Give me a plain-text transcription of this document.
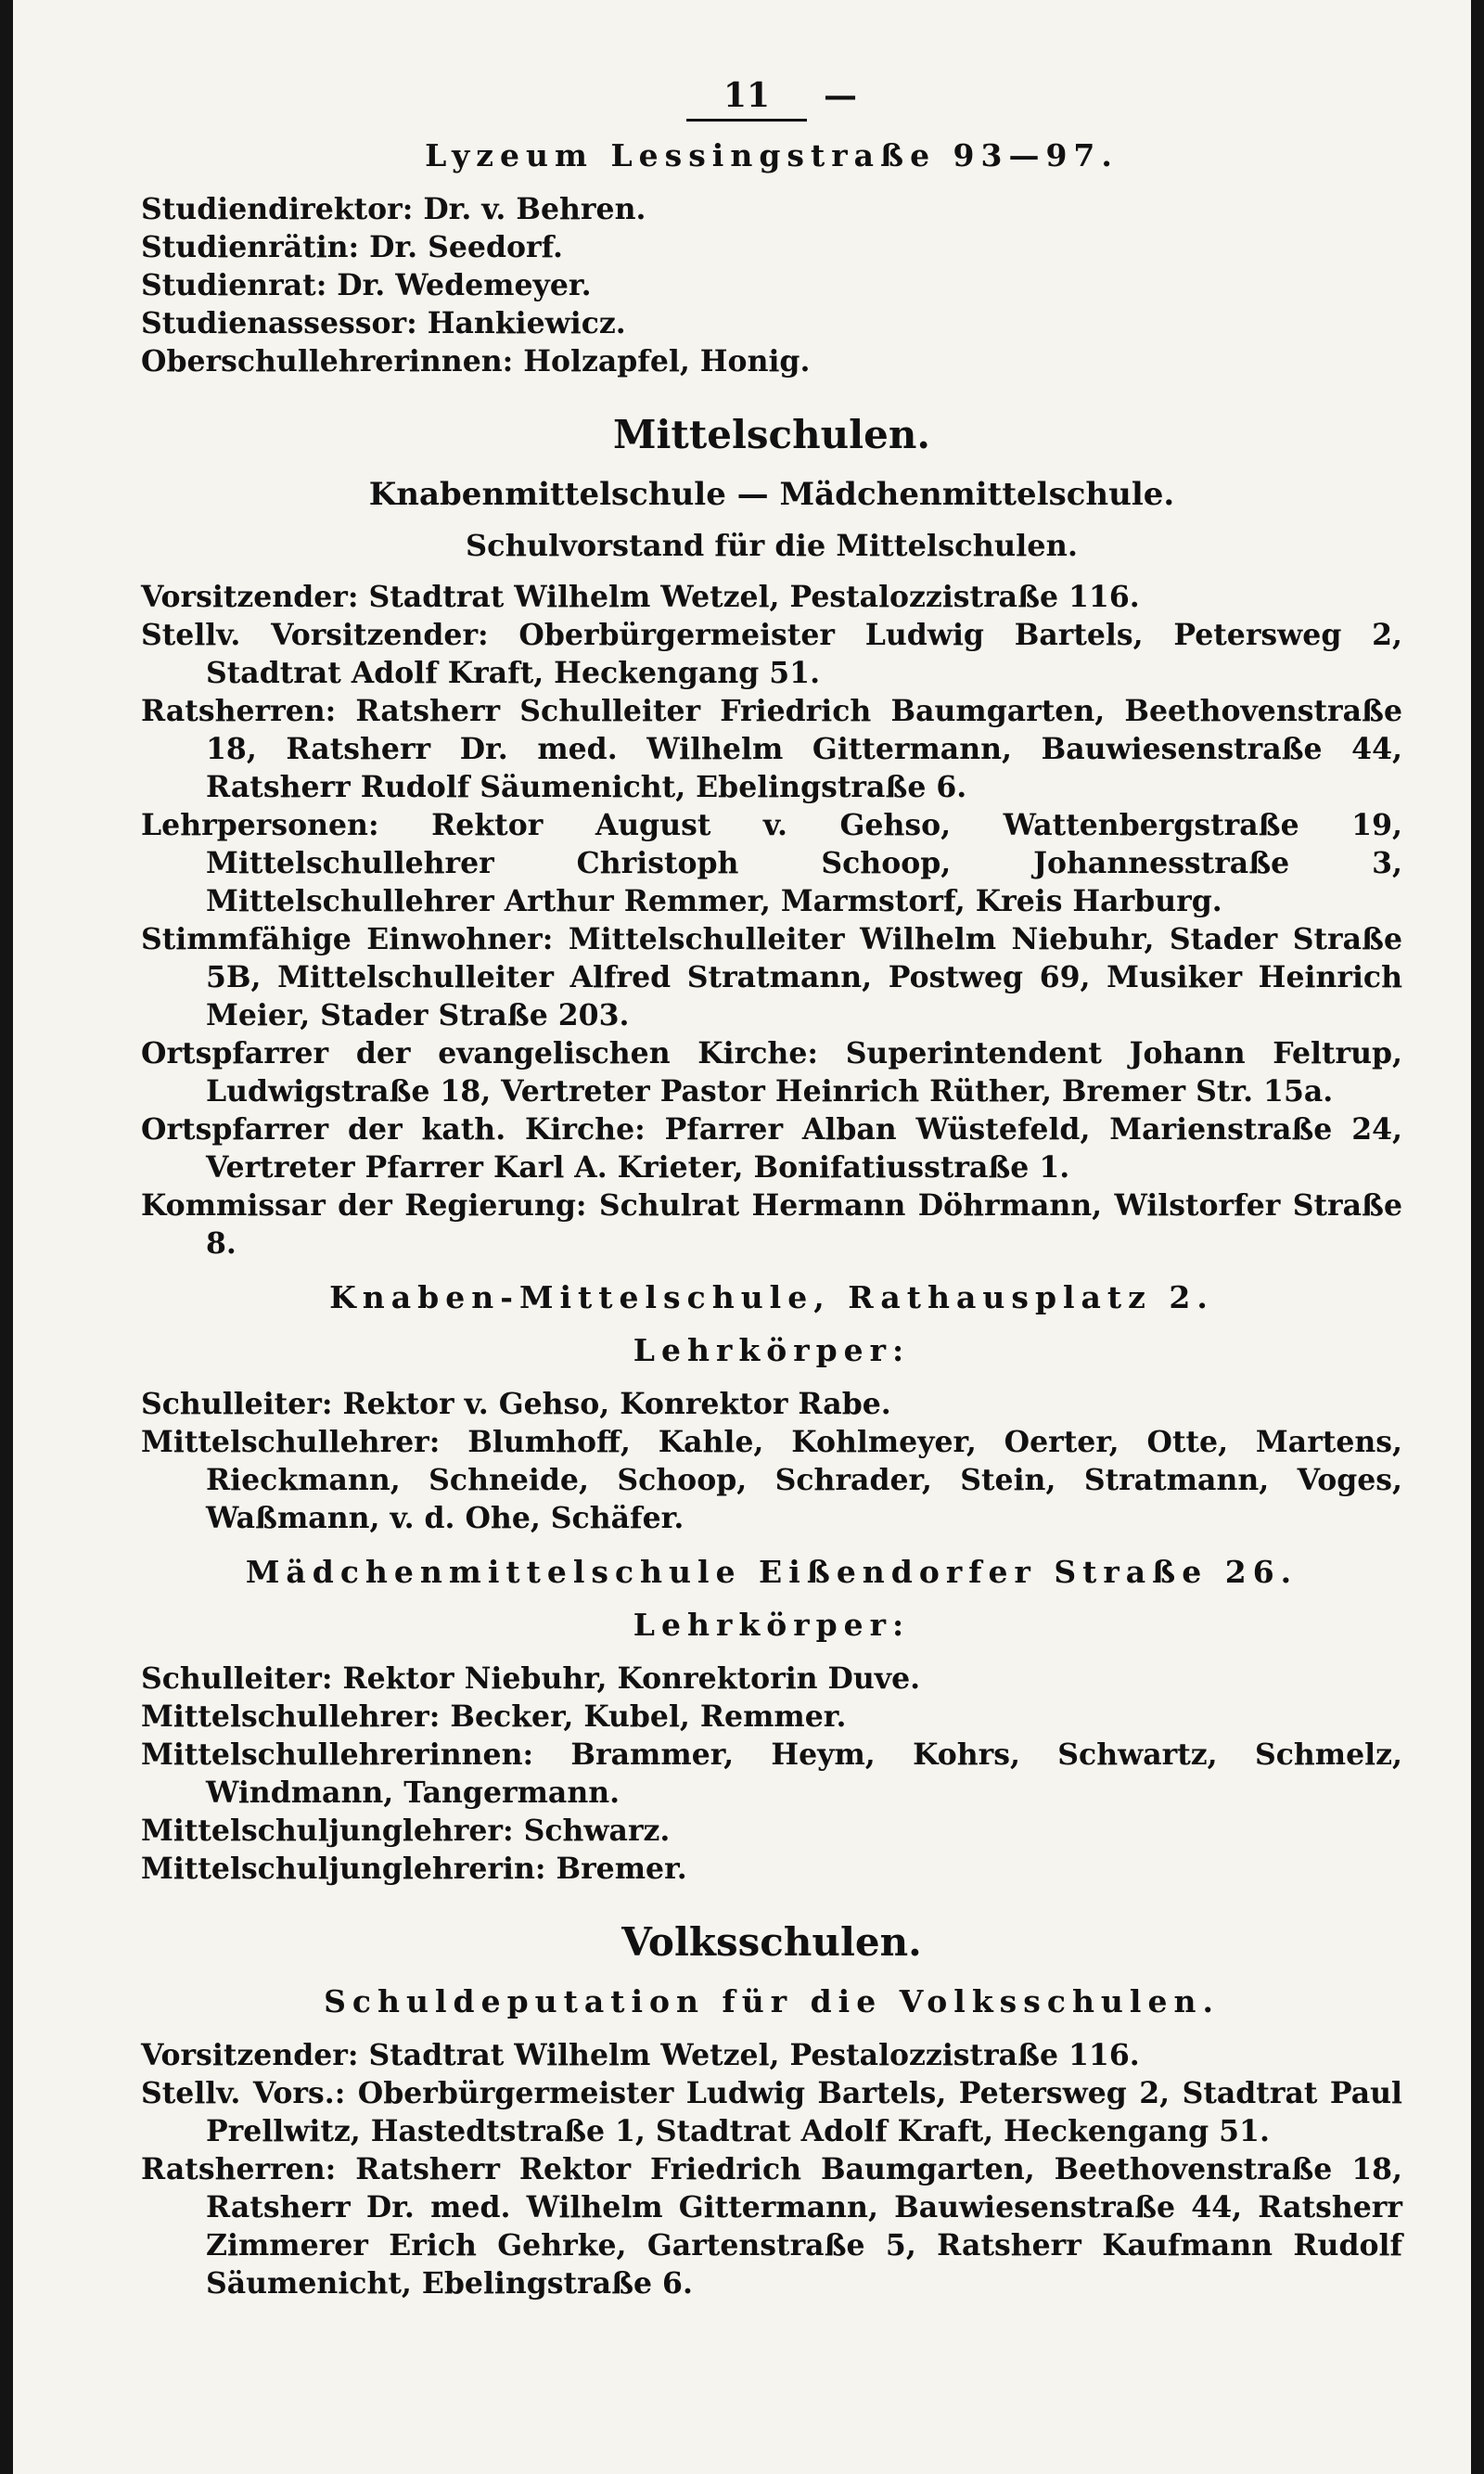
11 —
Lyzeum Lessingstraße 93—97.

Studiendirektor: Dr. v. Behren.

Studienrätin: Dr. Seedorf.

Studienrat: Dr. Wedemeyer.

Studienassessor: Hankiewicz.

Oberschullehrerinnen: Holzapfel, Honig.

Mittelschulen.
Knabenmittelschule — Mädchenmittelschule.
Schulvorstand für die Mittelschulen.

Vorsitzender: Stadtrat Wilhelm Wetzel, Pestalozzistraße 116.

Stellv. Vorsitzender: Oberbürgermeister Ludwig Bartels, Petersweg 2, Stadtrat Adolf Kraft, Heckengang 51.

Ratsherren: Ratsherr Schulleiter Friedrich Baumgarten, Beethovenstraße 18, Ratsherr Dr. med. Wilhelm Gittermann, Bauwiesenstraße 44, Ratsherr Rudolf Säumenicht, Ebelingstraße 6.

Lehrpersonen: Rektor August v. Gehso, Wattenbergstraße 19, Mittelschullehrer Christoph Schoop, Johannesstraße 3, Mittelschullehrer Arthur Remmer, Marmstorf, Kreis Harburg.

Stimmfähige Einwohner: Mittelschulleiter Wilhelm Niebuhr, Stader Straße 5B, Mittelschulleiter Alfred Stratmann, Postweg 69, Musiker Heinrich Meier, Stader Straße 203.

Ortspfarrer der evangelischen Kirche: Superintendent Johann Feltrup, Ludwigstraße 18, Vertreter Pastor Heinrich Rüther, Bremer Str. 15a.

Ortspfarrer der kath. Kirche: Pfarrer Alban Wüstefeld, Marienstraße 24, Vertreter Pfarrer Karl A. Krieter, Bonifatiusstraße 1.

Kommissar der Regierung: Schulrat Hermann Döhrmann, Wilstorfer Straße 8.

Knaben-Mittelschule, Rathausplatz 2.
Lehrkörper:

Schulleiter: Rektor v. Gehso, Konrektor Rabe.

Mittelschullehrer: Blumhoff, Kahle, Kohlmeyer, Oerter, Otte, Martens, Rieckmann, Schneide, Schoop, Schrader, Stein, Stratmann, Voges, Waßmann, v. d. Ohe, Schäfer.

Mädchenmittelschule Eißendorfer Straße 26.
Lehrkörper:

Schulleiter: Rektor Niebuhr, Konrektorin Duve.

Mittelschullehrer: Becker, Kubel, Remmer.

Mittelschullehrerinnen: Brammer, Heym, Kohrs, Schwartz, Schmelz, Windmann, Tangermann.

Mittelschuljunglehrer: Schwarz.

Mittelschuljunglehrerin: Bremer.

Volksschulen.
Schuldeputation für die Volksschulen.

Vorsitzender: Stadtrat Wilhelm Wetzel, Pestalozzistraße 116.

Stellv. Vors.: Oberbürgermeister Ludwig Bartels, Petersweg 2, Stadtrat Paul Prellwitz, Hastedtstraße 1, Stadtrat Adolf Kraft, Heckengang 51.

Ratsherren: Ratsherr Rektor Friedrich Baumgarten, Beethovenstraße 18, Ratsherr Dr. med. Wilhelm Gittermann, Bauwiesenstraße 44, Ratsherr Zimmerer Erich Gehrke, Gartenstraße 5, Ratsherr Kaufmann Rudolf Säumenicht, Ebelingstraße 6.
